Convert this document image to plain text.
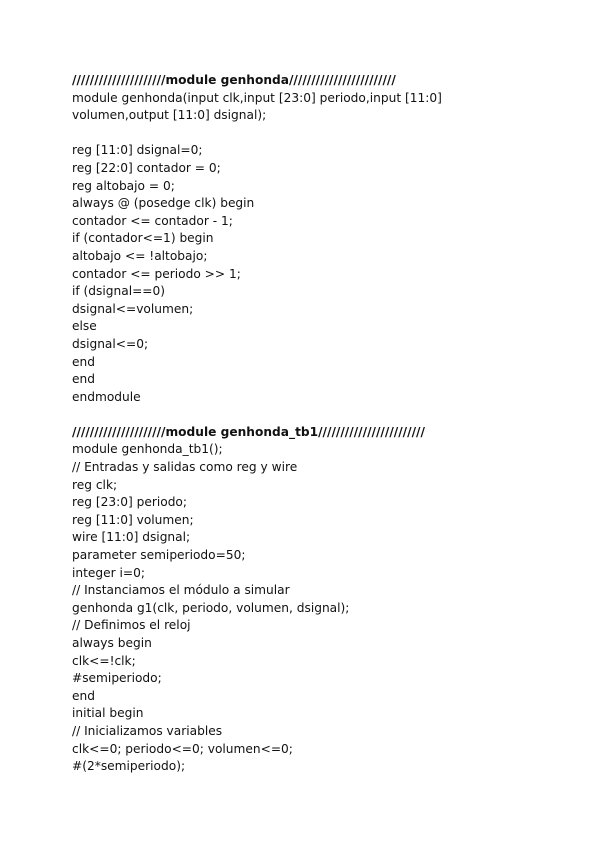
/////////////////////module genhonda////////////////////////
module genhonda(input clk,input [23:0] periodo,input [11:0] volumen,output [11:0] dsignal);
reg [11:0] dsignal=0;
reg [22:0] contador = 0;
reg altobajo = 0;
always @ (posedge clk) begin
contador <= contador - 1;
if (contador<=1) begin
altobajo <= !altobajo;
contador <= periodo >> 1;
if (dsignal==0)
dsignal<=volumen;
else
dsignal<=0;
end
end
endmodule
/////////////////////module genhonda_tb1////////////////////////
module genhonda_tb1();
// Entradas y salidas como reg y wire
reg clk;
reg [23:0] periodo;
reg [11:0] volumen;
wire [11:0] dsignal;
parameter semiperiodo=50;
integer i=0;
// Instanciamos el módulo a simular
genhonda g1(clk, periodo, volumen, dsignal);
// Definimos el reloj
always begin
clk<=!clk;
#semiperiodo;
end
initial begin
// Inicializamos variables
clk<=0; periodo<=0; volumen<=0;
#(2*semiperiodo);
